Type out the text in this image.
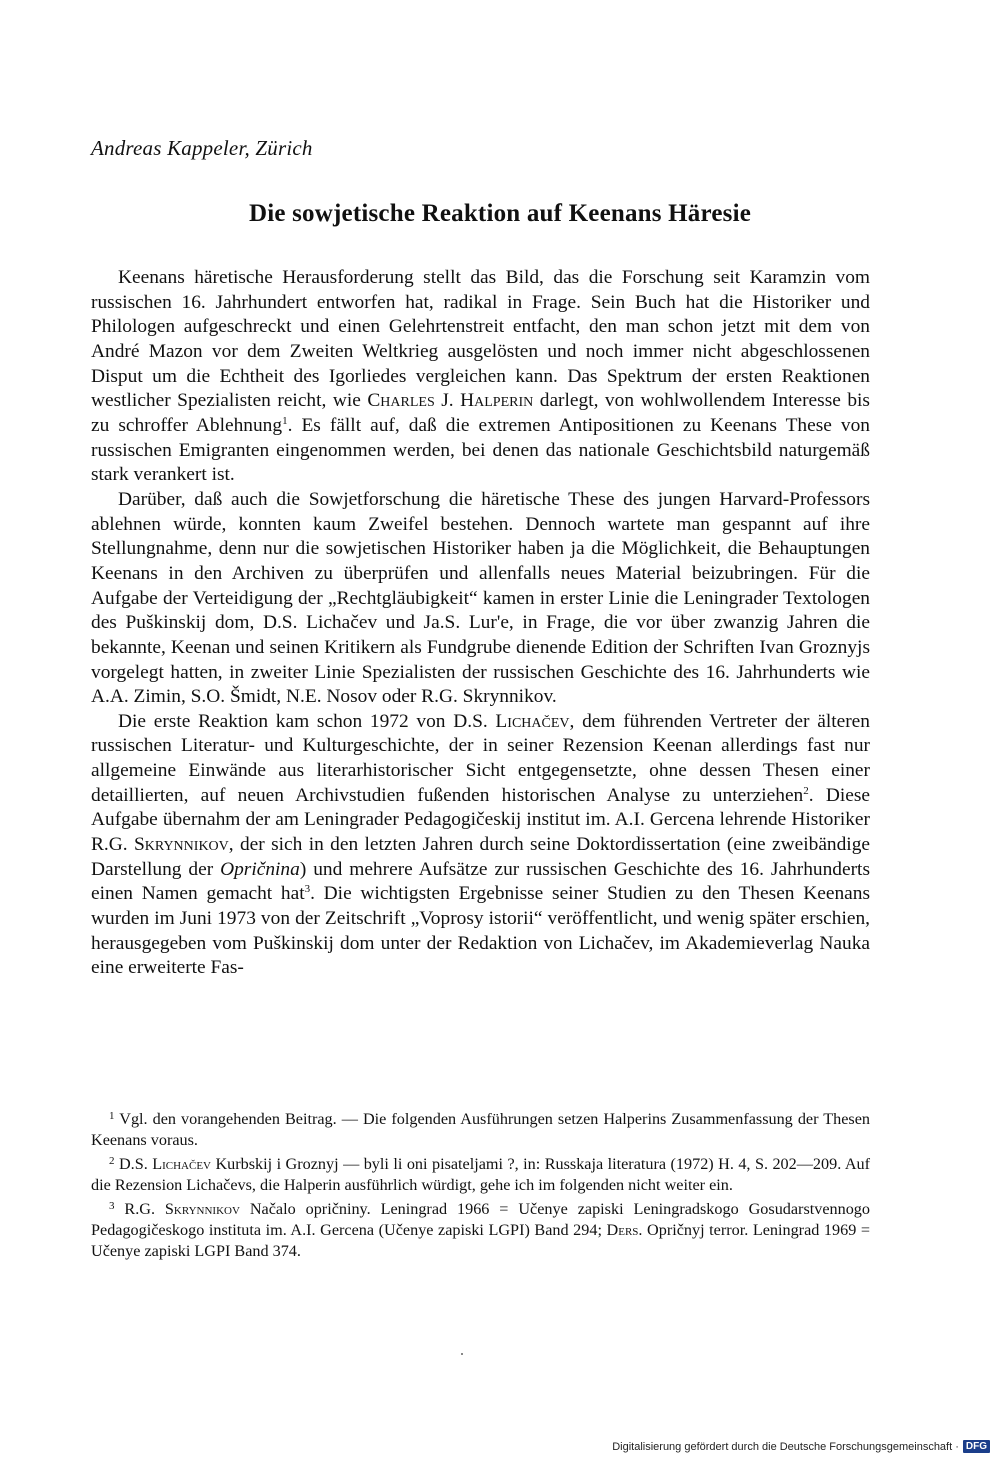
Andreas Kappeler, Zürich
Die sowjetische Reaktion auf Keenans Häresie

Keenans häretische Herausforderung stellt das Bild, das die Forschung seit Karamzin vom russischen 16. Jahrhundert entworfen hat, radikal in Frage. Sein Buch hat die Historiker und Philologen aufgeschreckt und einen Gelehrtenstreit entfacht, den man schon jetzt mit dem von André Mazon vor dem Zweiten Weltkrieg ausgelösten und noch immer nicht abgeschlossenen Disput um die Echtheit des Igorliedes vergleichen kann. Das Spektrum der ersten Reaktionen westlicher Spezialisten reicht, wie Charles J. Halperin darlegt, von wohlwollendem Interesse bis zu schroffer Ablehnung$^1$. Es fällt auf, daß die extremen Antipositionen zu Keenans These von russischen Emigranten eingenommen werden, bei denen das nationale Geschichtsbild naturgemäß stark verankert ist.

Darüber, daß auch die Sowjetforschung die häretische These des jungen Harvard-Professors ablehnen würde, konnten kaum Zweifel bestehen. Dennoch wartete man gespannt auf ihre Stellungnahme, denn nur die sowjetischen Historiker haben ja die Möglichkeit, die Behauptungen Keenans in den Archiven zu überprüfen und allenfalls neues Material beizubringen. Für die Aufgabe der Verteidigung der „Rechtgläubigkeit“ kamen in erster Linie die Leningrader Textologen des Puškinskij dom, D.S. Lichačev und Ja.S. Lur'e, in Frage, die vor über zwanzig Jahren die bekannte, Keenan und seinen Kritikern als Fundgrube dienende Edition der Schriften Ivan Groznyjs vorgelegt hatten, in zweiter Linie Spezialisten der russischen Geschichte des 16. Jahrhunderts wie A.A. Zimin, S.O. Šmidt, N.E. Nosov oder R.G. Skrynnikov.

Die erste Reaktion kam schon 1972 von D.S. Lichačev, dem führenden Vertreter der älteren russischen Literatur- und Kulturgeschichte, der in seiner Rezension Keenan allerdings fast nur allgemeine Einwände aus literarhistorischer Sicht entgegensetzte, ohne dessen Thesen einer detaillierten, auf neuen Archivstudien fußenden historischen Analyse zu unterziehen$^2$. Diese Aufgabe übernahm der am Leningrader Pedagogičeskij institut im. A.I. Gercena lehrende Historiker R.G. Skrynnikov, der sich in den letzten Jahren durch seine Doktordissertation (eine zweibändige Darstellung der Opričnina) und mehrere Aufsätze zur russischen Geschichte des 16. Jahrhunderts einen Namen gemacht hat$^3$. Die wichtigsten Ergebnisse seiner Studien zu den Thesen Keenans wurden im Juni 1973 von der Zeitschrift „Voprosy istorii“ veröffentlicht, und wenig später erschien, herausgegeben vom Puškinskij dom unter der Redaktion von Lichačev, im Akademieverlag Nauka eine erweiterte Fas-

$^1$ Vgl. den vorangehenden Beitrag. — Die folgenden Ausführungen setzen Halperins Zusammenfassung der Thesen Keenans voraus.

$^2$ D.S. Lichačev Kurbskij i Groznyj — byli li oni pisateljami ?, in: Russkaja literatura (1972) H. 4, S. 202—209. Auf die Rezension Lichačevs, die Halperin ausführlich würdigt, gehe ich im folgenden nicht weiter ein.

$^3$ R.G. Skrynnikov Načalo opričniny. Leningrad 1966 = Učenye zapiski Leningradskogo Gosudarstvennogo Pedagogičeskogo instituta im. A.I. Gercena (Učenye zapiski LGPI) Band 294; Ders. Opričnyj terror. Leningrad 1969 = Učenye zapiski LGPI Band 374.

Digitalisierung gefördert durch die Deutsche Forschungsgemeinschaft · DFG
